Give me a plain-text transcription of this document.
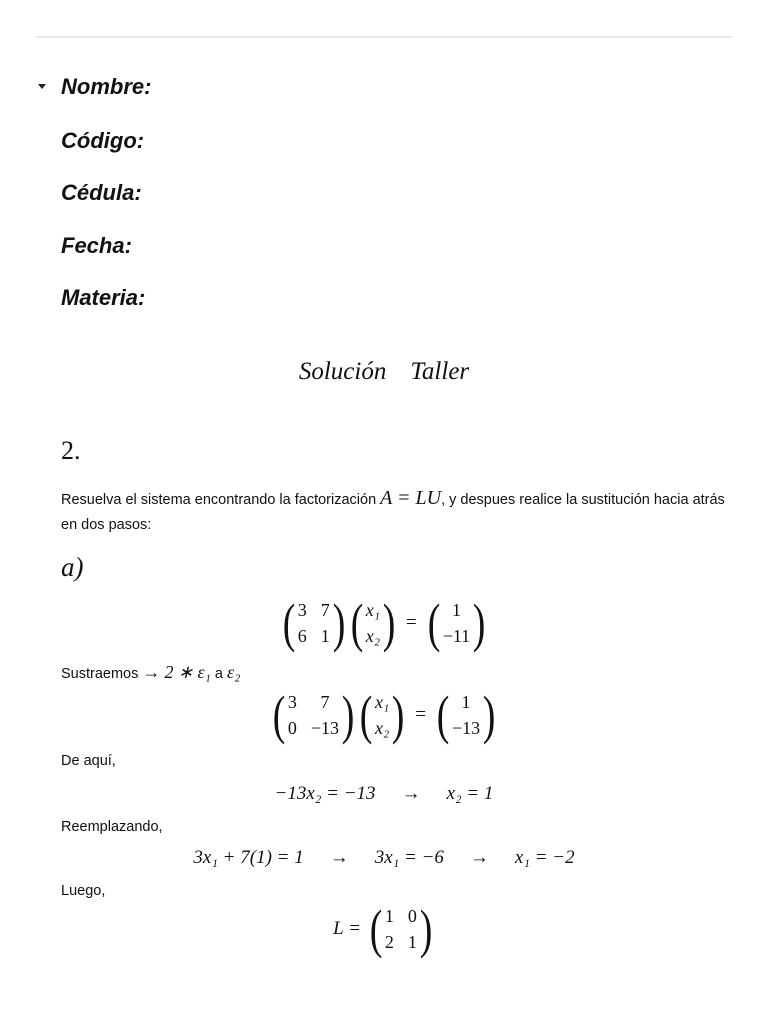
Nombre:
Código:
Cédula:
Fecha:
Materia:
Solución Taller
2.
Resuelva el sistema encontrando la factorización A = LU, y despues realice la sustitución hacia atrás en dos pasos:
a)
( 3 7
6 1 ) ( x₁
x₂ ) = ( 1
−11 )
Sustraemos → 2 ∗ ε₁ a ε₂
( 3	7
0 −13 ) ( x₁
x₂ ) = ( 1
−13 )
De aquí,
−13x₂ = −13 → x₂ = 1
Reemplazando,
3x₁ + 7(1) = 1 → 3x₁ = −6 → x₁ = −2
Luego,
L = ( 1 0
2 1 )
